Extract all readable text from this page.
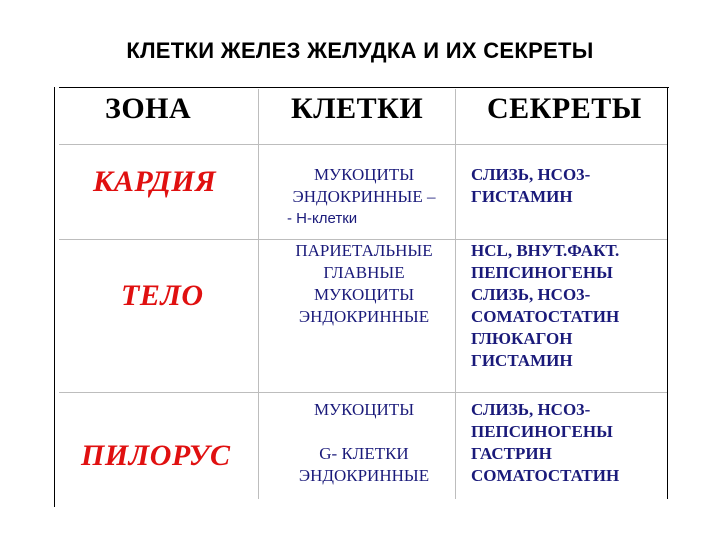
КЛЕТКИ ЖЕЛЕЗ ЖЕЛУДКА И ИХ СЕКРЕТЫ
ЗОНА	КЛЕТКИ СЕКРЕТЫ
КАРДИЯ	МУКОЦИТЫ
ЭНДОКРИННЫЕ –
- Н-клетки
СЛИЗЬ, НСО3-
ГИСТАМИН
ТЕЛО
ПАРИЕТАЛЬНЫЕ
ГЛАВНЫЕ
МУКОЦИТЫ
ЭНДОКРИННЫЕ
HCL, ВНУТ.ФАКТ.
ПЕПСИНОГЕНЫ
СЛИЗЬ, НСО3-
СОМАТОСТАТИН
ГЛЮКАГОН
ГИСТАМИН
ПИЛОРУС
МУКОЦИТЫ
G- КЛЕТКИ
ЭНДОКРИННЫЕ
СЛИЗЬ, НСО3-
ПЕПСИНОГЕНЫ
ГАСТРИН
СОМАТОСТАТИН
